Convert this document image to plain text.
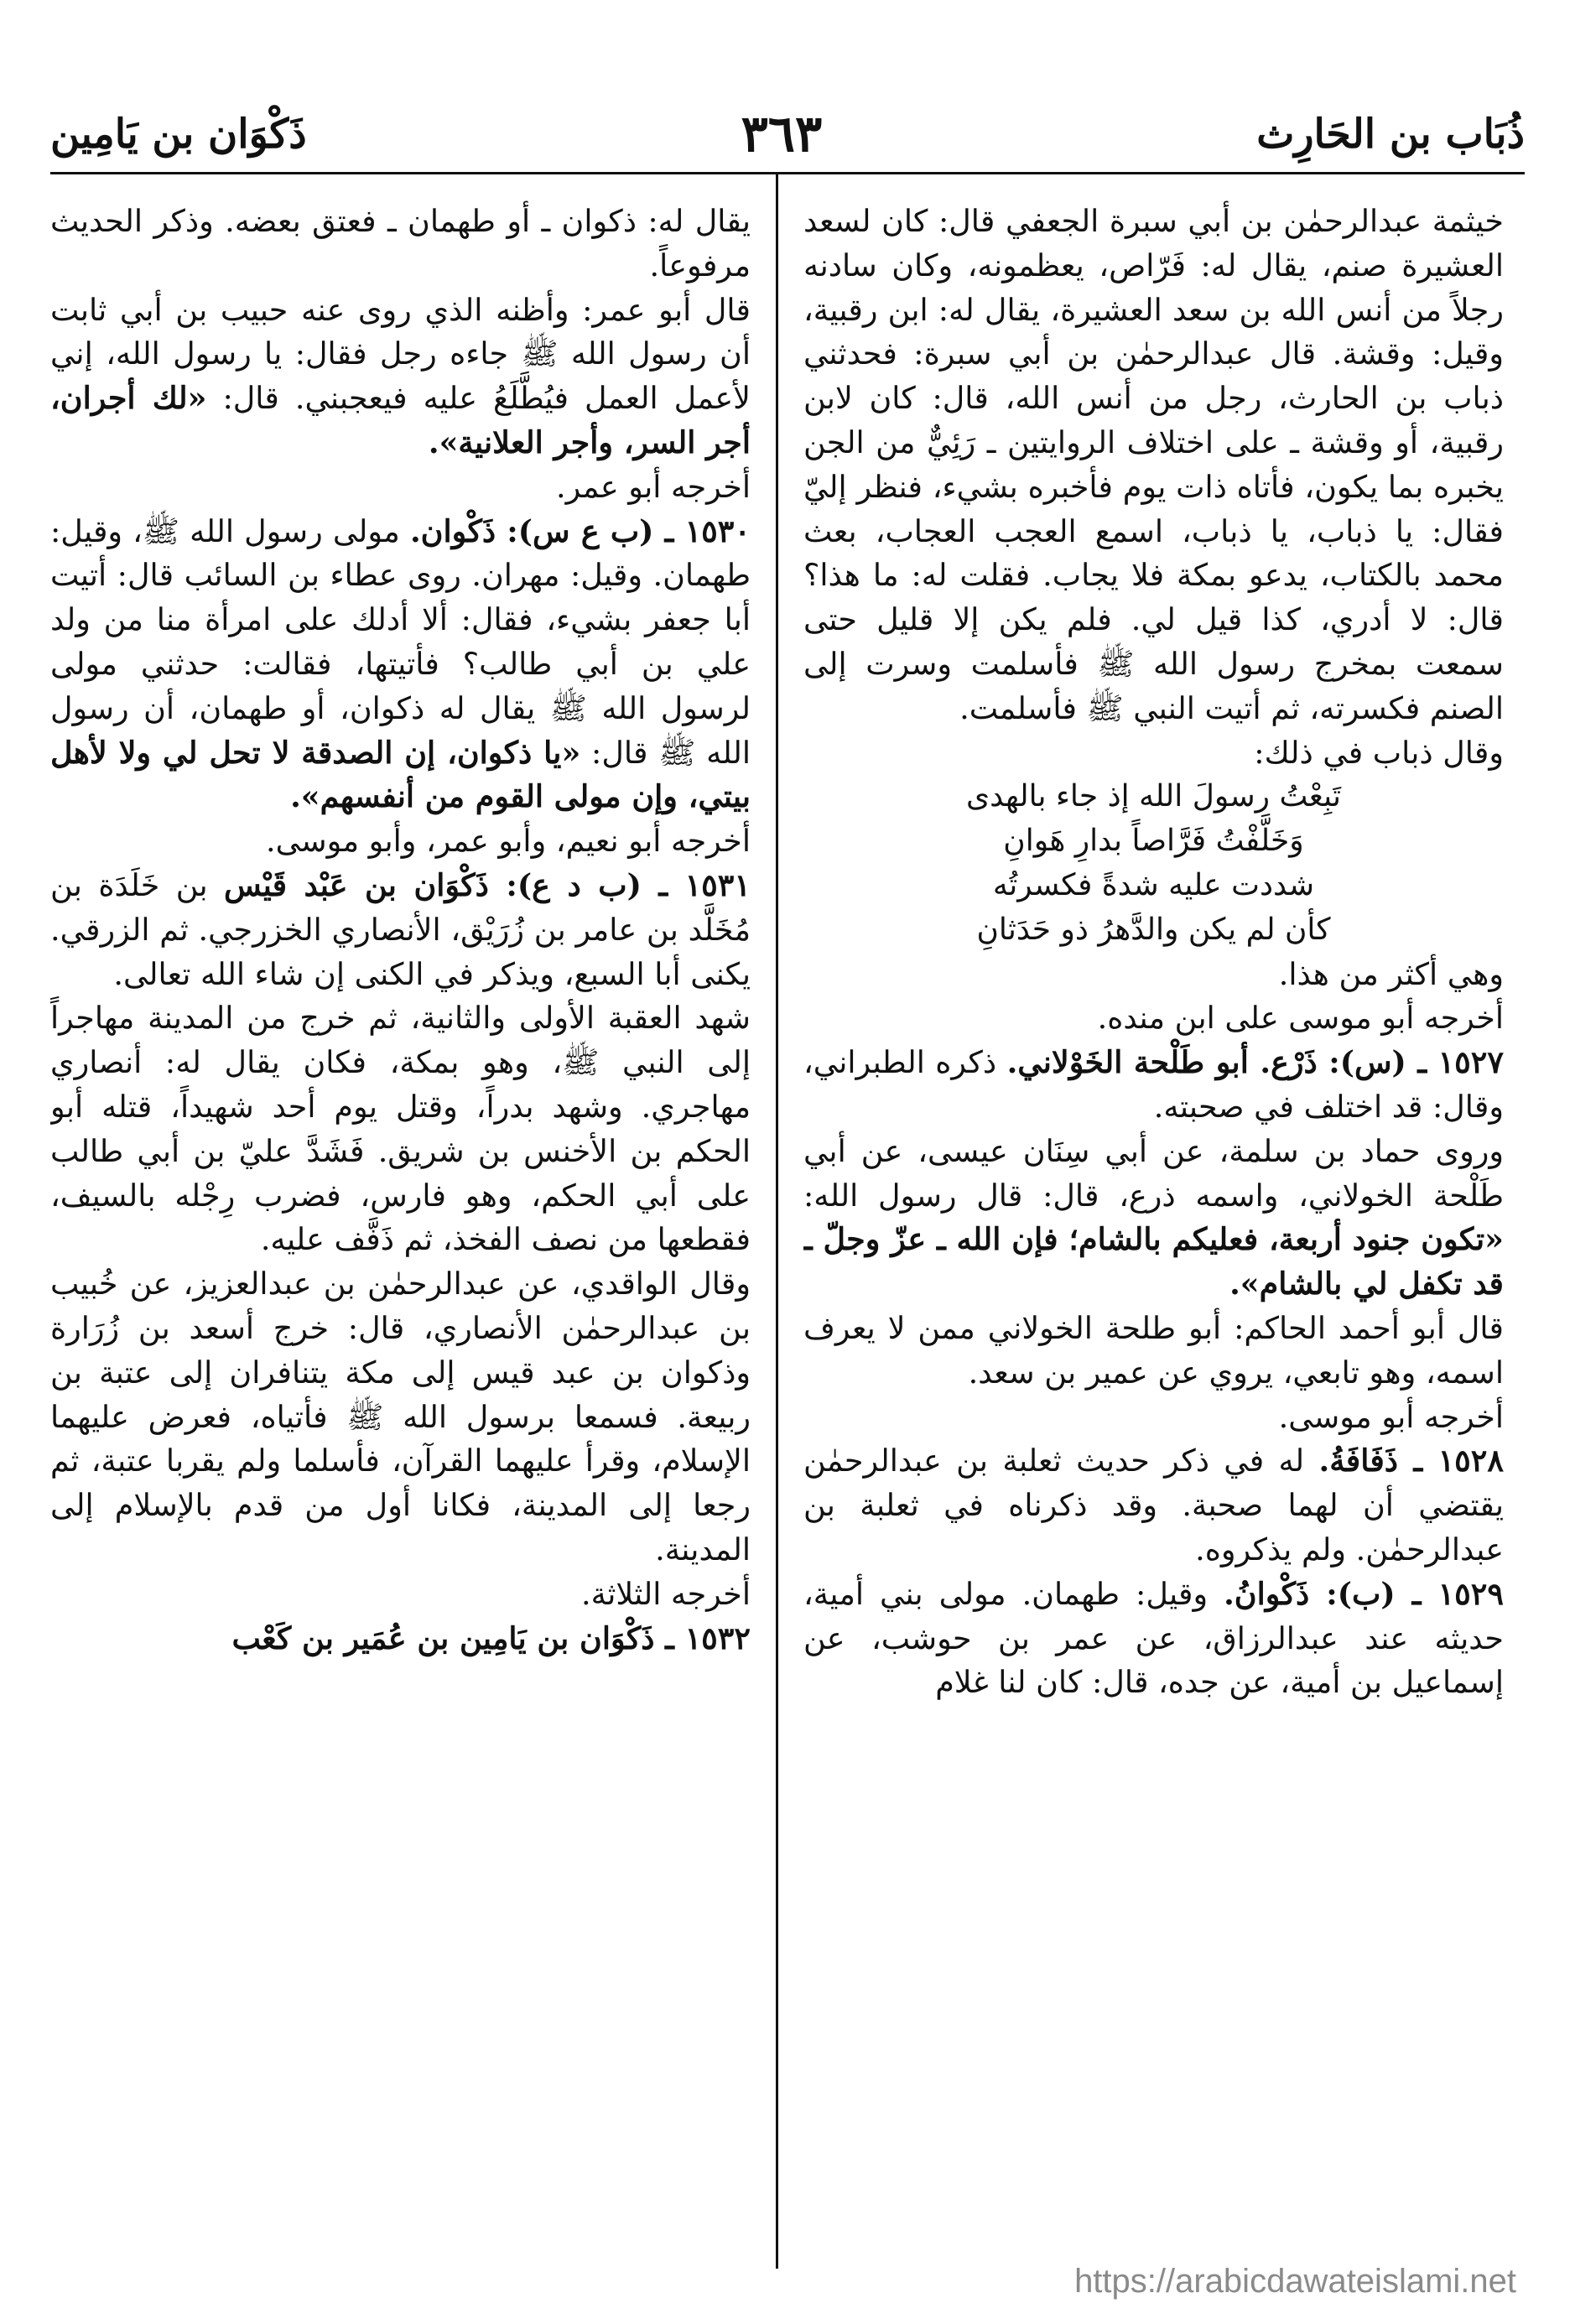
ذُبَاب بن الحَارِث
٣٦٣
ذَكْوَان بن يَامِين

خيثمة عبدالرحمٰن بن أبي سبرة الجعفي قال: كان لسعد العشيرة صنم، يقال له: فَرّاص، يعظمونه، وكان سادنه رجلاً من أنس الله بن سعد العشيرة، يقال له: ابن رقبية، وقيل: وقشة. قال عبدالرحمٰن بن أبي سبرة: فحدثني ذباب بن الحارث، رجل من أنس الله، قال: كان لابن رقبية، أو وقشة ـ على اختلاف الروايتين ـ رَئِيٌّ من الجن يخبره بما يكون، فأتاه ذات يوم فأخبره بشيء، فنظر إليّ فقال: يا ذباب، يا ذباب، اسمع العجب العجاب، بعث محمد بالكتاب، يدعو بمكة فلا يجاب. فقلت له: ما هذا؟ قال: لا أدري، كذا قيل لي. فلم يكن إلا قليل حتى سمعت بمخرج رسول الله ﷺ فأسلمت وسرت إلى الصنم فكسرته، ثم أتيت النبي ﷺ فأسلمت.

وقال ذباب في ذلك:

تَبِعْتُ رسولَ الله إذ جاء بالهدى

وَخَلَّفْتُ فَرَّاصاً بدارِ هَوانِ

شددت عليه شدةً فكسرتُه

كأن لم يكن والدَّهرُ ذو حَدَثانِ

وهي أكثر من هذا.

أخرجه أبو موسى على ابن منده.

١٥٢٧ ـ (س): ذَرْع. أبو طَلْحة الخَوْلاني. ذكره الطبراني، وقال: قد اختلف في صحبته.

وروى حماد بن سلمة، عن أبي سِنَان عيسى، عن أبي طَلْحة الخولاني، واسمه ذرع، قال: قال رسول الله: «تكون جنود أربعة، فعليكم بالشام؛ فإن الله ـ عزّ وجلّ ـ قد تكفل لي بالشام».

قال أبو أحمد الحاكم: أبو طلحة الخولاني ممن لا يعرف اسمه، وهو تابعي، يروي عن عمير بن سعد.

أخرجه أبو موسى.

١٥٢٨ ـ ذَفَافَةُ. له في ذكر حديث ثعلبة بن عبدالرحمٰن يقتضي أن لهما صحبة. وقد ذكرناه في ثعلبة بن عبدالرحمٰن. ولم يذكروه.

١٥٢٩ ـ (ب): ذَكْوانُ. وقيل: طهمان. مولى بني أمية، حديثه عند عبدالرزاق، عن عمر بن حوشب، عن إسماعيل بن أمية، عن جده، قال: كان لنا غلام

يقال له: ذكوان ـ أو طهمان ـ فعتق بعضه. وذكر الحديث مرفوعاً.

قال أبو عمر: وأظنه الذي روى عنه حبيب بن أبي ثابت أن رسول الله ﷺ جاءه رجل فقال: يا رسول الله، إني لأعمل العمل فيُطَّلَعُ عليه فيعجبني. قال: «لك أجران، أجر السر، وأجر العلانية».

أخرجه أبو عمر.

١٥٣٠ ـ (ب ع س): ذَكْوان. مولى رسول الله ﷺ، وقيل: طهمان. وقيل: مهران. روى عطاء بن السائب قال: أتيت أبا جعفر بشيء، فقال: ألا أدلك على امرأة منا من ولد علي بن أبي طالب؟ فأتيتها، فقالت: حدثني مولى لرسول الله ﷺ يقال له ذكوان، أو طهمان، أن رسول الله ﷺ قال: «يا ذكوان، إن الصدقة لا تحل لي ولا لأهل بيتي، وإن مولى القوم من أنفسهم».

أخرجه أبو نعيم، وأبو عمر، وأبو موسى.

١٥٣١ ـ (ب د ع): ذَكْوَان بن عَبْد قَيْس بن خَلَدَة بن مُخَلَّد بن عامر بن زُرَيْق، الأنصاري الخزرجي. ثم الزرقي. يكنى أبا السبع، ويذكر في الكنى إن شاء الله تعالى.

شهد العقبة الأولى والثانية، ثم خرج من المدينة مهاجراً إلى النبي ﷺ، وهو بمكة، فكان يقال له: أنصاري مهاجري. وشهد بدراً، وقتل يوم أحد شهيداً، قتله أبو الحكم بن الأخنس بن شريق. فَشَدَّ عليّ بن أبي طالب على أبي الحكم، وهو فارس، فضرب رِجْله بالسيف، فقطعها من نصف الفخذ، ثم ذَفَّف عليه.

وقال الواقدي، عن عبدالرحمٰن بن عبدالعزيز، عن خُبيب بن عبدالرحمٰن الأنصاري، قال: خرج أسعد بن زُرَارة وذكوان بن عبد قيس إلى مكة يتنافران إلى عتبة بن ربيعة. فسمعا برسول الله ﷺ فأتياه، فعرض عليهما الإسلام، وقرأ عليهما القرآن، فأسلما ولم يقربا عتبة، ثم رجعا إلى المدينة، فكانا أول من قدم بالإسلام إلى المدينة.

أخرجه الثلاثة.

١٥٣٢ ـ ذَكْوَان بن يَامِين بن عُمَير بن كَعْب

https://arabicdawateislami.net
